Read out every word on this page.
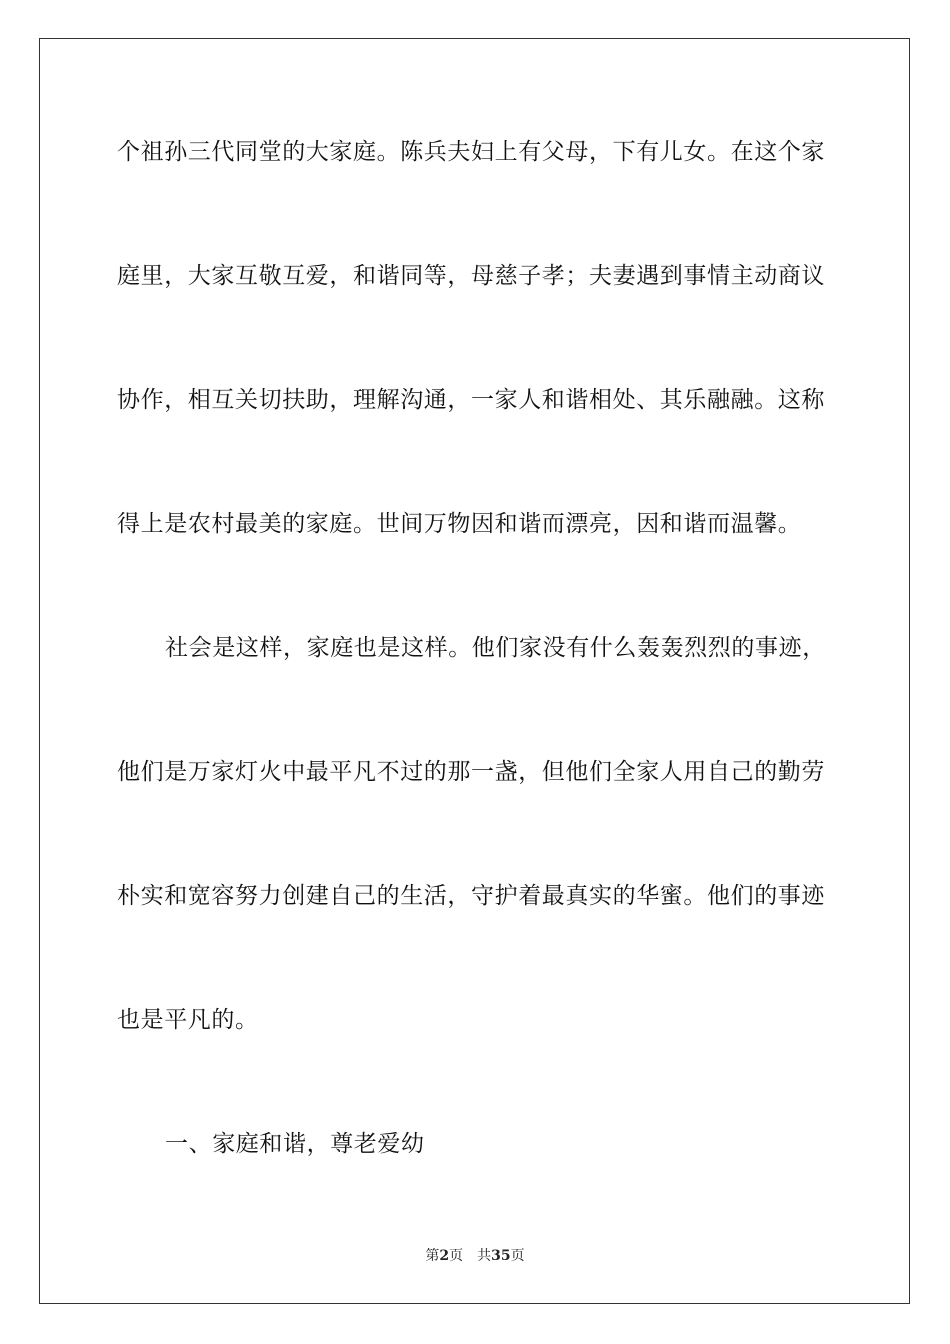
个祖孙三代同堂的大家庭。陈兵夫妇上有父母，下有儿女。在这个家
庭里，大家互敬互爱，和谐同等，母慈子孝；夫妻遇到事情主动商议
协作，相互关切扶助，理解沟通，一家人和谐相处、其乐融融。这称
得上是农村最美的家庭。世间万物因和谐而漂亮，因和谐而温馨。
社会是这样，家庭也是这样。他们家没有什么轰轰烈烈的事迹，
他们是万家灯火中最平凡不过的那一盏，但他们全家人用自己的勤劳
朴实和宽容努力创建自己的生活，守护着最真实的华蜜。他们的事迹
也是平凡的。
一、家庭和谐，尊老爱幼
第2页 共35页
